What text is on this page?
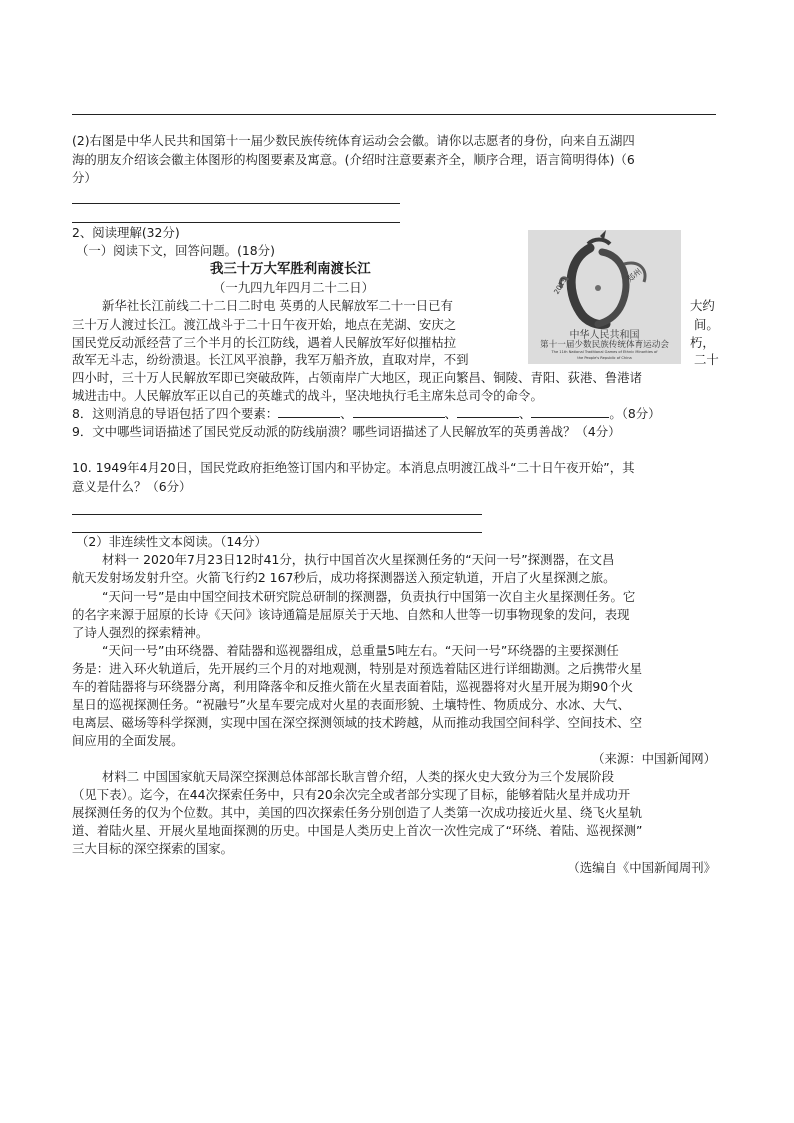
(2)右图是中华人民共和国第十一届少数民族传统体育运动会会徽。请你以志愿者的身份，向来自五湖四
海的朋友介绍该会徽主体图形的构图要素及寓意。(介绍时注意要素齐全，顺序合理，语言简明得体)（6
分）
2、阅读理解(32分)
（一）阅读下文，回答问题。(18分)
我三十万大军胜利南渡长江
（一九四九年四月二十二日）
新华社长江前线二十二日二时电 英勇的人民解放军二十一日已有	大约
三十万人渡过长江。渡江战斗于二十日午夜开始，地点在芜湖、安庆之	间。
国民党反动派经营了三个半月的长江防线，遇着人民解放军好似摧枯拉	朽，
敌军无斗志，纷纷溃退。长江风平浪静，我军万船齐放，直取对岸，不到	二十
四小时，三十万人民解放军即已突破敌阵，占领南岸广大地区，现正向繁昌、铜陵、青阳、荻港、鲁港诸
城进击中。人民解放军正以自己的英雄式的战斗，坚决地执行毛主席朱总司令的命令。
2019
郑州
中华人民共和国
第十一届少数民族传统体育运动会
The 11th National Traditional Games of Ethnic Minorities of
the People's Republic of China
8．这则消息的导语包括了四个要素：	、	、	、	。（8分）
9．文中哪些词语描述了国民党反动派的防线崩溃？哪些词语描述了人民解放军的英勇善战？（4分）
10. 1949年4月20日，国民党政府拒绝签订国内和平协定。本消息点明渡江战斗“二十日午夜开始”，其
意义是什么？（6分）
（2）非连续性文本阅读。（14分）
材料一 2020年7月23日12时41分，执行中国首次火星探测任务的“天问一号”探测器，在文昌
航天发射场发射升空。火箭飞行约2 167秒后，成功将探测器送入预定轨道，开启了火星探测之旅。
“天问一号”是由中国空间技术研究院总研制的探测器，负责执行中国第一次自主火星探测任务。它
的名字来源于屈原的长诗《天问》该诗通篇是屈原关于天地、自然和人世等一切事物现象的发问，表现
了诗人强烈的探索精神。
“天问一号”由环绕器、着陆器和巡视器组成，总重量5吨左右。“天问一号”环绕器的主要探测任
务是：进入环火轨道后，先开展约三个月的对地观测，特别是对预选着陆区进行详细勘测。之后携带火星
车的着陆器将与环绕器分离，利用降落伞和反推火箭在火星表面着陆，巡视器将对火星开展为期90个火
星日的巡视探测任务。“祝融号”火星车要完成对火星的表面形貌、土壤特性、物质成分、水冰、大气、
电离层、磁场等科学探测，实现中国在深空探测领域的技术跨越，从而推动我国空间科学、空间技术、空
间应用的全面发展。
（来源：中国新闻网）
材料二 中国国家航天局深空探测总体部部长耿言曾介绍，人类的探火史大致分为三个发展阶段
（见下表）。迄今，在44次探索任务中，只有20余次完全或者部分实现了目标，能够着陆火星并成功开
展探测任务的仅为个位数。其中，美国的四次探索任务分别创造了人类第一次成功接近火星、绕飞火星轨
道、着陆火星、开展火星地面探测的历史。中国是人类历史上首次一次性完成了“环绕、着陆、巡视探测”
三大目标的深空探索的国家。
（选编自《中国新闻周刊》
